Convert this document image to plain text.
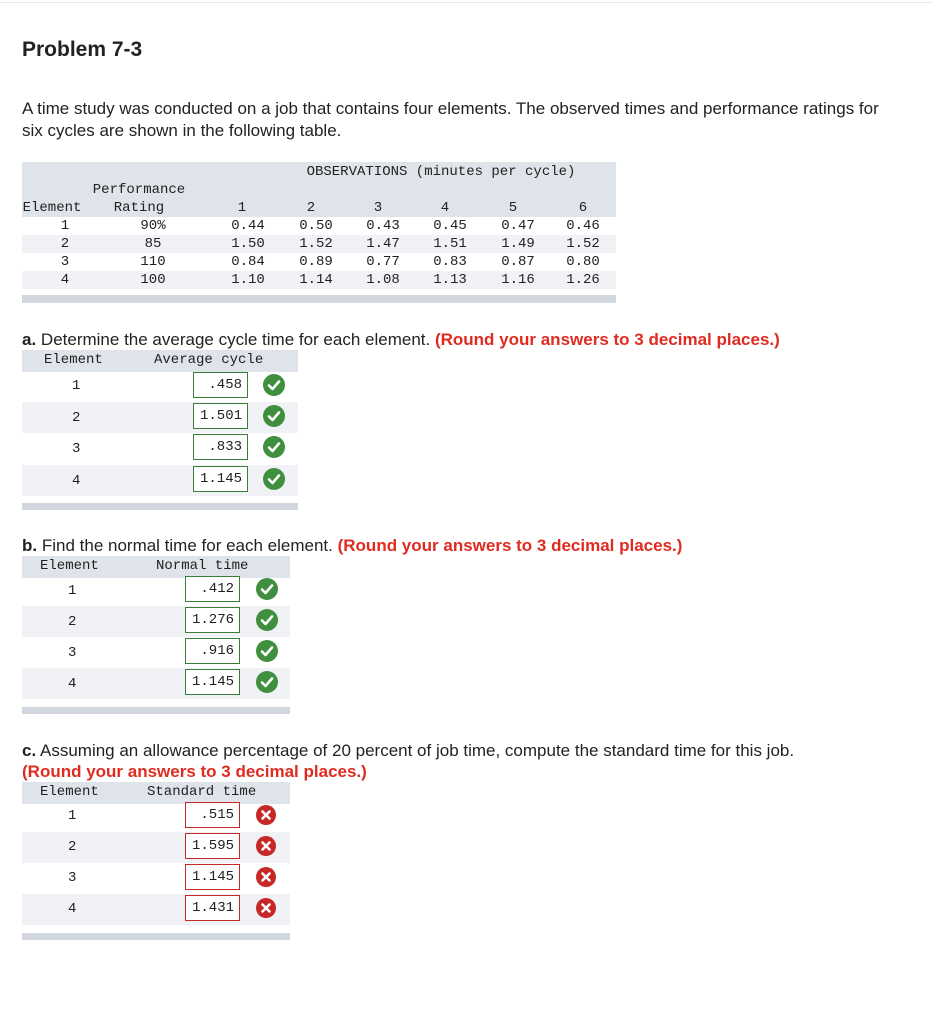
Problem 7-3
A time study was conducted on a job that contains four elements. The observed times and performance ratings for six cycles are shown in the following table.
OBSERVATIONS (minutes per cycle)
Performance
Element	Rating	1	2	3	4	5	6
1	90%	0.44	0.50	0.43	0.45	0.47	0.46
2	85	1.50	1.52	1.47	1.51	1.49	1.52
3	110	0.84	0.89	0.77	0.83	0.87	0.80
4	100	1.10	1.14	1.08	1.13	1.16	1.26
a. Determine the average cycle time for each element. (Round your answers to 3 decimal places.)
Element	Average cycle
1	.458
2	1.501
3	.833
4	1.145
b. Find the normal time for each element. (Round your answers to 3 decimal places.)
Element	Normal time
1	.412
2	1.276
3	.916
4	1.145
c. Assuming an allowance percentage of 20 percent of job time, compute the standard time for this job.
(Round your answers to 3 decimal places.)
Element	Standard time
1	.515
2	1.595
3	1.145
4	1.431
